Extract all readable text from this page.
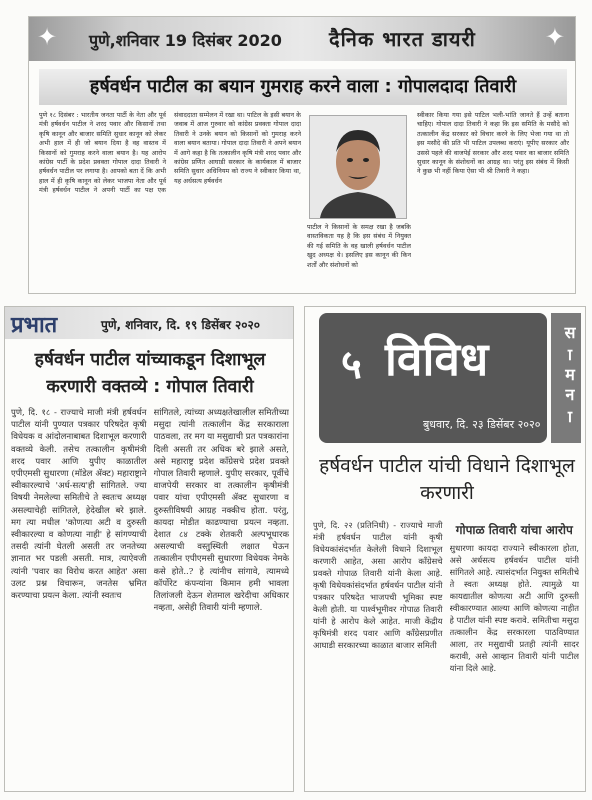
✦	✦
पुणे,शनिवार 19 दिसंबर 2020 दैनिक भारत डायरी
हर्षवर्धन पाटील का बयान गुमराह करने वाला : गोपालदादा तिवारी
पुणे १८ दिसंबर : भारतीय जनता पार्टी के नेता और पूर्व मंत्री हर्षवर्धन पाटील ने शरद पवार और किसानों तथा कृषि कानून और बाजार समिति सुधार कानून को लेकर अभी हाल में ही जो बयान दिया है वह वास्तव में किसानों को गुमराह करने वाला बयान है। यह आरोप कांग्रेस पार्टी के प्रदेश प्रवक्ता गोपाल दादा तिवारी ने हर्षवर्धन पाटील पर लगाया है। आपको बता दें कि अभी हाल में ही कृषि कानून को लेकर भाजपा नेता और पूर्व मंत्री हर्षवर्धन पाटील ने अपनी पार्टी का पक्ष एक संवाददाता सम्मेलन में रखा था। पाटिल के इसी बयान के जवाब में आज गुरुवार को कांग्रेस प्रवक्ता गोपाल दादा तिवारी ने उनके बयान को किसानों को गुमराह करने वाला बयान बताया। गोपाल दादा तिवारी ने अपने बयान में आगे कहा है कि तत्कालीन कृषि मंत्री शरद पवार और कांग्रेस प्रणित आघाडी सरकार के कार्यकाल में बाजार समिति सुधार अधिनियम को राज्य ने स्वीकार किया था, यह अर्धसत्य हर्षवर्धन
पाटील ने किसानों के समक्ष रखा है जबकि वास्तविकता यह है कि इस संबंध में नियुक्त की गई समिति के वह खाली हर्षवर्धन पाटील खुद अध्यक्ष थे। इसलिए इस कानून की किन शर्तों और संशोधनों को
स्वीकार किया गया इसे पाटिल भली-भांति जानते हैं उन्हें बताना चाहिए। गोपाल दादा तिवारी ने कहा कि इस समिति के मसौदे को तत्कालीन केंद्र सरकार को विचार करने के लिए भेजा गया था तो इस मसौदे की प्रति भी पाटिल उपलब्ध कराएं। यूपीए सरकार और उससे पहले की वाजपेई सरकार और शरद पवार का बाजार समिति सुधार कानून के संशोधनों का आग्रह था। परंतु इस संबंध में किसी ने कुछ भी नहीं किया ऐसा भी श्री तिवारी ने कहा।
प्रभात	पुणे, शनिवार, दि. १९ डिसेंबर २०२०
हर्षवर्धन पाटील यांच्याकडून दिशाभूल करणारी वक्तव्ये : गोपाल तिवारी
पुणे, दि. १८ - राज्याचे माजी मंत्री हर्षवर्धन पाटील यांनी पुण्यात पत्रकार परिषदेत कृषी विधेयक व आंदोलनाबाबत दिशाभूल करणारी वक्तव्ये केली. तसेच तत्कालीन कृषीमंत्री शरद पवार आणि युपीए काळातील एपीएमसी सुधारणा (मॉडेल ॲक्ट) महाराष्ट्राने स्वीकारल्याचे 'अर्ध-सत्य'ही सांगितले. ज्या विषयी नेमलेल्या समितीचे ते स्वतःच अध्यक्ष असल्याचेही सांगितले, हेदेखील बरे झाले. मग त्या मधील 'कोणत्या अटी व दुरुस्ती स्वीकारल्या व कोणत्या नाही' हे सांगण्याची तसदी त्यांनी घेतली असती तर जनतेच्या ज्ञानात भर पडली असती. मात्र, त्याऐवजी त्यांनी 'पवार का विरोध करत आहेत' असा उलट प्रश्न विचारून, जनतेस भ्रमित करण्याचा प्रयत्न केला. त्यांनी स्वतःच
सांगितले, त्यांच्या अध्यक्षतेखालील समितीच्या मसुदा त्यांनी तत्कालीन केंद्र सरकाराला पाठवला, तर मग या मसुद्याची प्रत पत्रकारांना दिली असती तर अधिक बरे झाले असते, असे महाराष्ट्र प्रदेश काँग्रेसचे प्रदेश प्रवक्ते गोपाल तिवारी म्हणाले. युपीए सरकार, पूर्वीचे वाजपेयी सरकार वा तत्कालीन कृषीमंत्री पवार यांचा एपीएमसी ॲक्ट सुधारणा व दुरुस्तीविषयी आग्रह नक्कीच होता. परंतु, कायदा मोडीत काढण्याचा प्रयत्न नव्हता. देशात ८४ टक्के शेतकरी अल्पभूधारक असल्याची वस्तुस्थिती लक्षात घेऊन तत्कालीन एपीएमसी सुधारणा विधेयक नेमके कसे होते..? हे त्यांनीच सांगावे, त्यामध्ये कॉर्पोरेट कंपन्यांना किमान हमी भावला तिलांजली देऊन शेतमाल खरेदीचा अधिकार नव्हता, असेही तिवारी यांनी म्हणाले.
५ विविध
बुधवार, दि. २३ डिसेंबर २०२०	सामना
हर्षवर्धन पाटील यांची विधाने दिशाभूल करणारी
पुणे, दि. २२ (प्रतिनिधी) - राज्याचे माजी मंत्री हर्षवर्धन पाटील यांनी कृषी विधेयकांसंदर्भात केलेली विधाने दिशाभूल करणारी आहेत, असा आरोप काँग्रेसचे प्रवक्ते गोपाळ तिवारी यांनी केला आहे. कृषी विधेयकांसंदर्भात हर्षवर्धन पाटील यांनी पत्रकार परिषदेत भाजपची भूमिका स्पष्ट केली होती. या पार्श्वभूमीवर गोपाळ तिवारी यांनी हे आरोप केले आहेत. माजी केंद्रीय कृषिमंत्री शरद पवार आणि काँग्रेसप्रणीत आघाडी सरकारच्या काळात बाजार समिती
गोपाळ तिवारी यांचा आरोप
सुधारणा कायदा राज्याने स्वीकारला होता, असे अर्धसत्य हर्षवर्धन पाटील यांनी सांगितले आहे. त्यासंदर्भात नियुक्त समितीचे ते स्वतः अध्यक्ष होते. त्यामुळे या कायद्यातील कोणत्या अटी आणि दुरुस्ती स्वीकारण्यात आल्या आणि कोणत्या नाहीत हे पाटील यांनी स्पष्ट करावे. समितीचा मसुदा तत्कालीन केंद्र सरकारला पाठविण्यात आला, तर मसुद्याची प्रतही त्यांनी सादर करावी, असे आव्हान तिवारी यांनी पाटील यांना दिले आहे.
